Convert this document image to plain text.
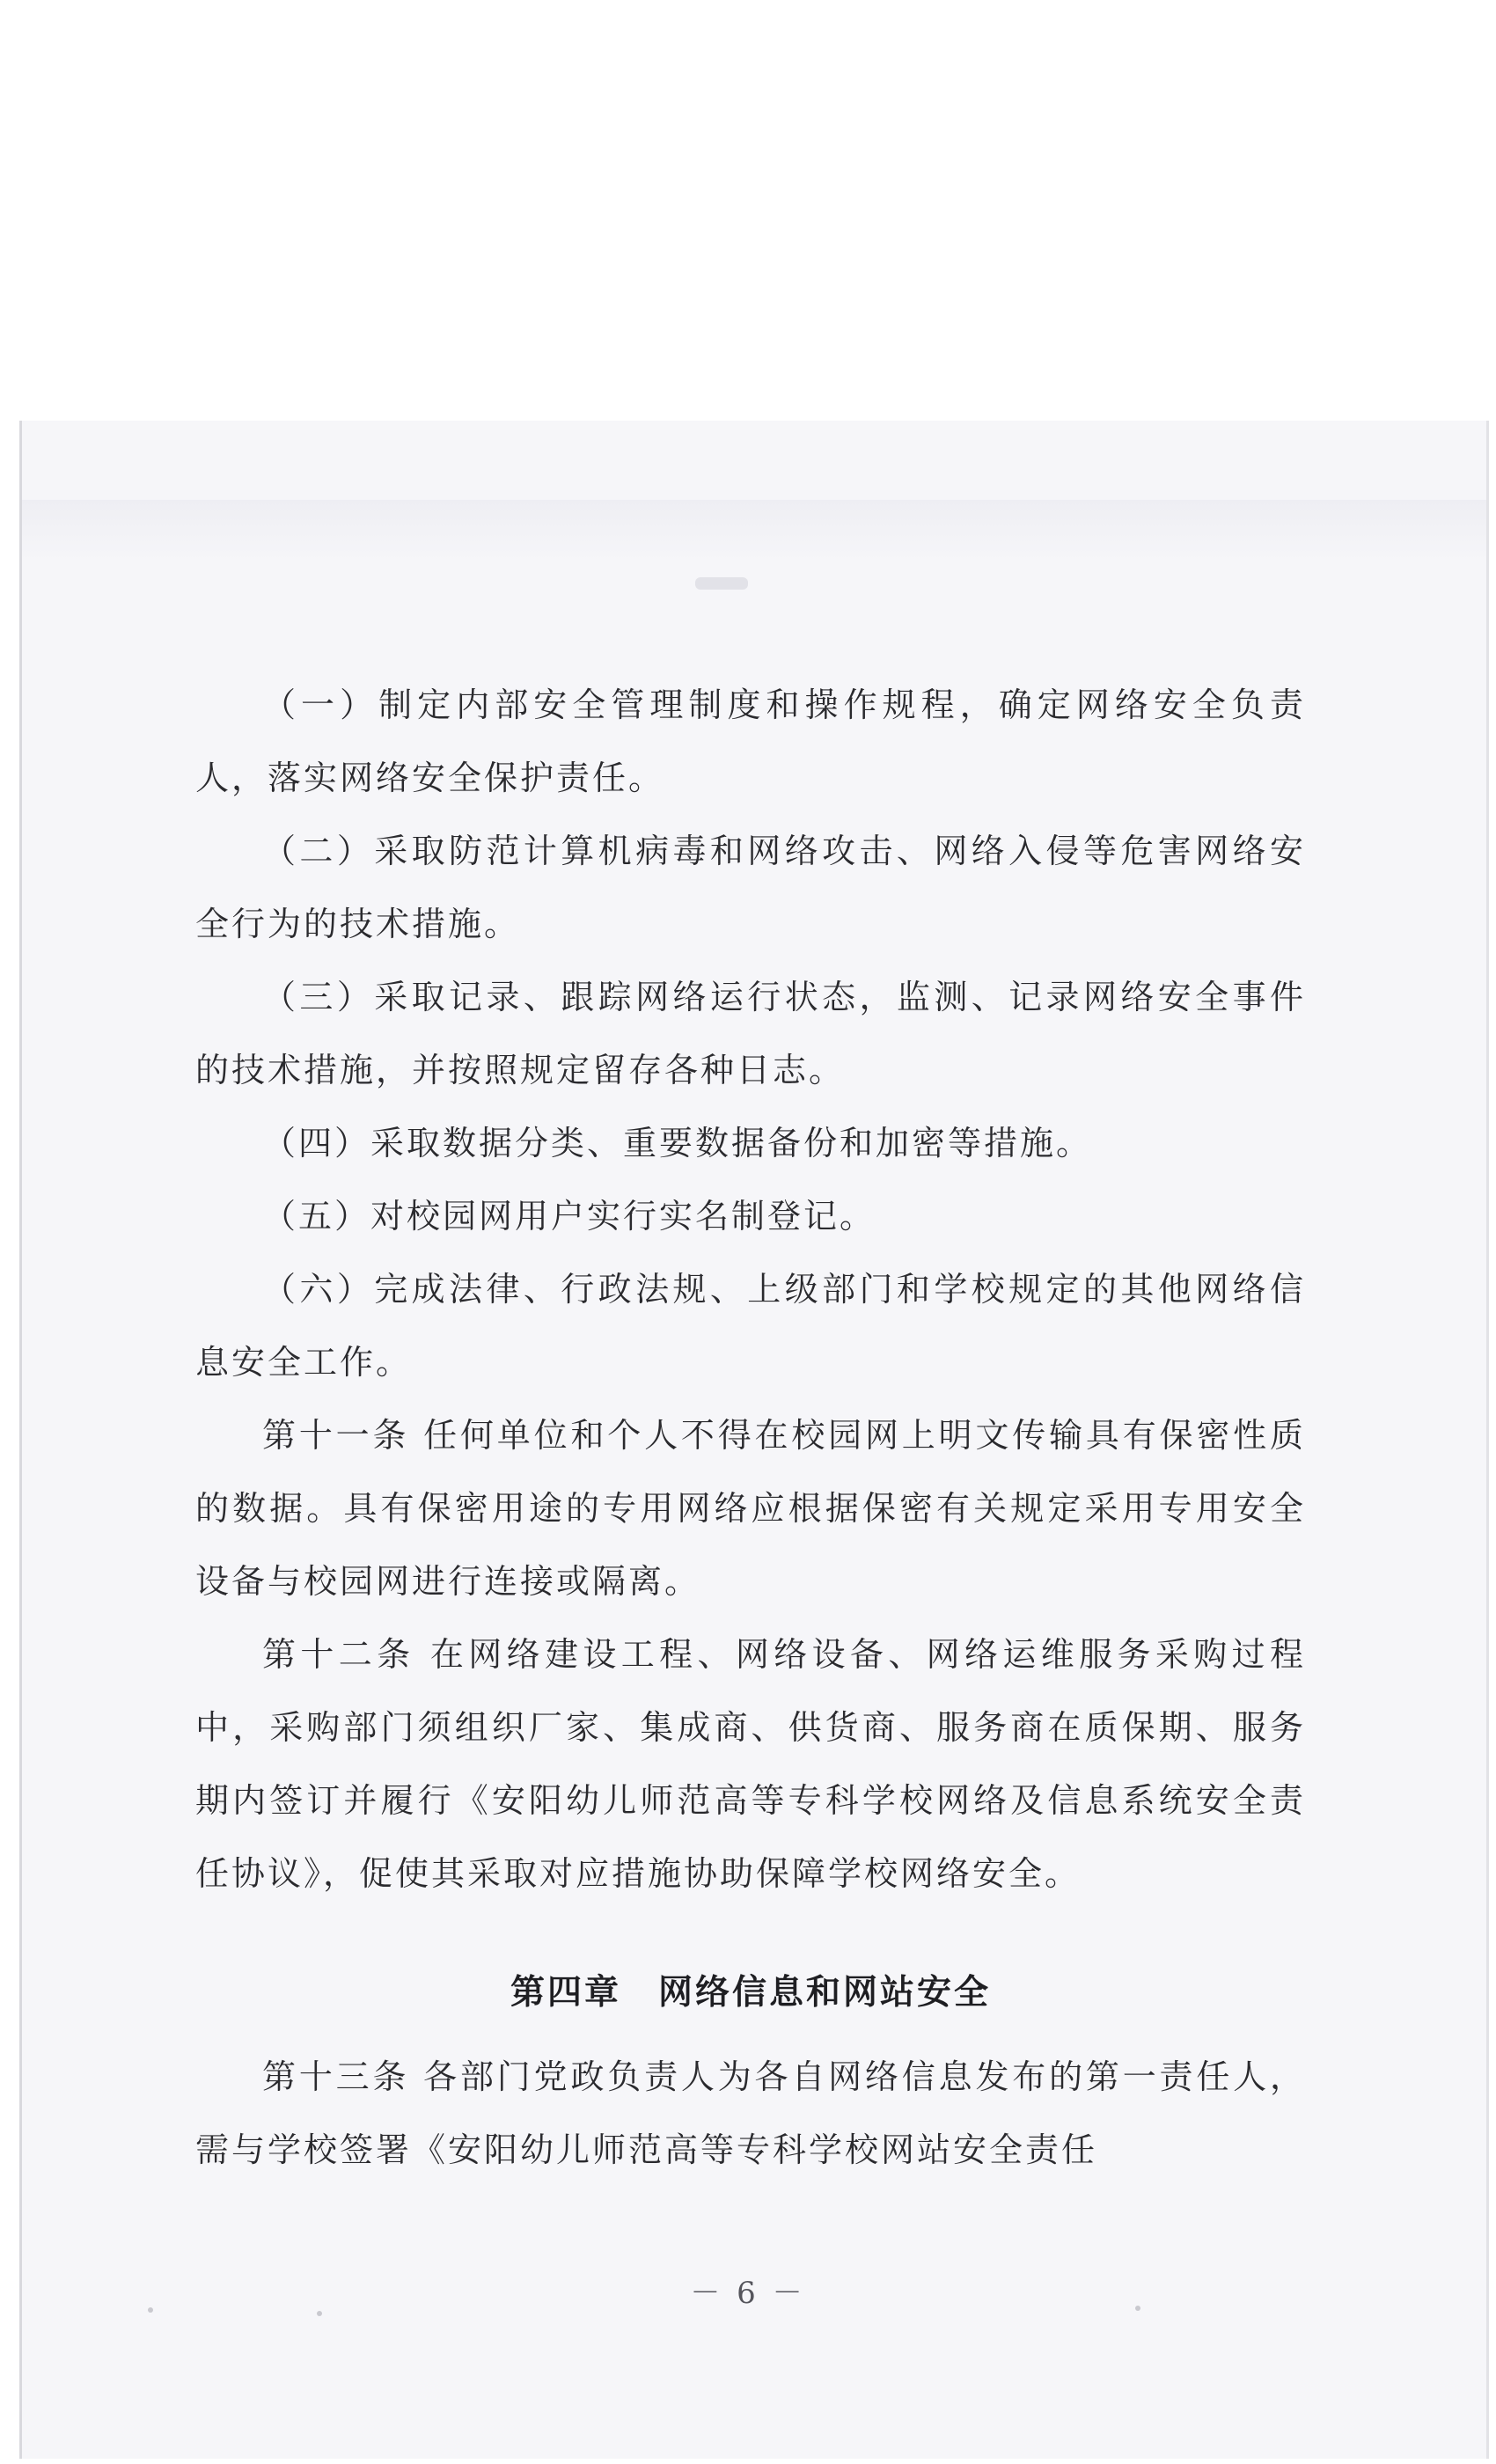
（一）制定内部安全管理制度和操作规程，确定网络安全负责人，落实网络安全保护责任。

（二）采取防范计算机病毒和网络攻击、网络入侵等危害网络安全行为的技术措施。

（三）采取记录、跟踪网络运行状态，监测、记录网络安全事件的技术措施，并按照规定留存各种日志。

（四）采取数据分类、重要数据备份和加密等措施。

（五）对校园网用户实行实名制登记。

（六）完成法律、行政法规、上级部门和学校规定的其他网络信息安全工作。

第十一条 任何单位和个人不得在校园网上明文传输具有保密性质的数据。具有保密用途的专用网络应根据保密有关规定采用专用安全设备与校园网进行连接或隔离。

第十二条 在网络建设工程、网络设备、网络运维服务采购过程中，采购部门须组织厂家、集成商、供货商、服务商在质保期、服务期内签订并履行《安阳幼儿师范高等专科学校网络及信息系统安全责任协议》，促使其采取对应措施协助保障学校网络安全。

第四章　网络信息和网站安全

第十三条 各部门党政负责人为各自网络信息发布的第一责任人，需与学校签署《安阳幼儿师范高等专科学校网站安全责任

－ 6 －
